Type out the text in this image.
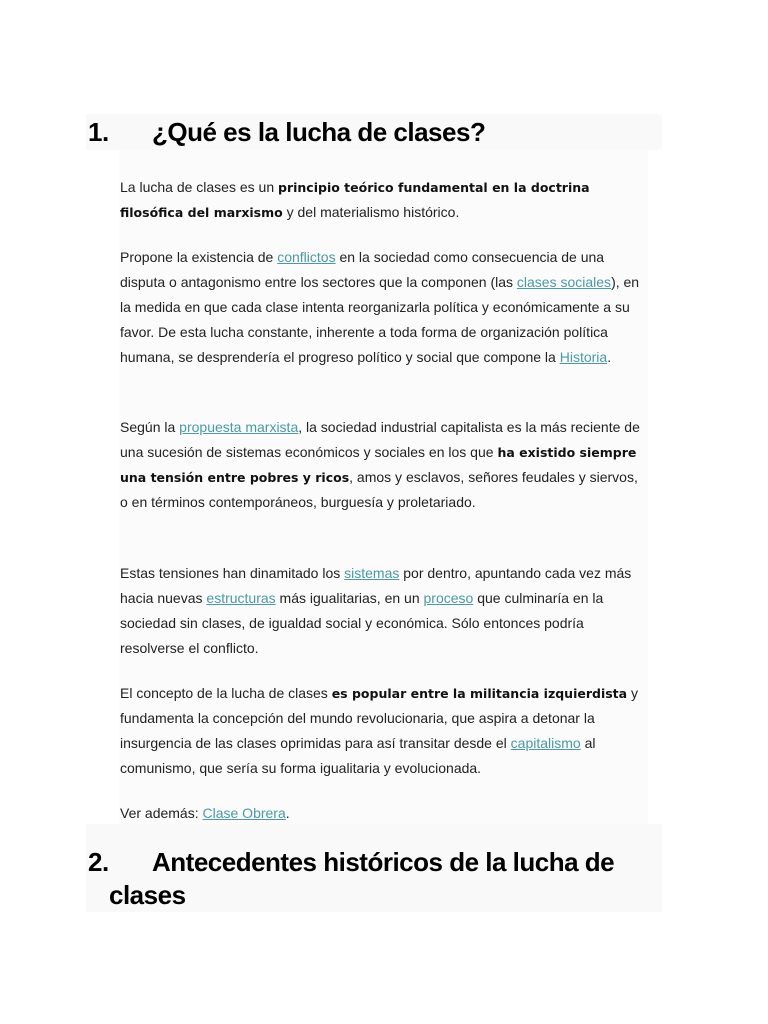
1. ¿Qué es la lucha de clases?

La lucha de clases es un principio teórico fundamental en la doctrina filosófica del marxismo y del materialismo histórico.

Propone la existencia de conflictos en la sociedad como consecuencia de una disputa o antagonismo entre los sectores que la componen (las clases sociales), en la medida en que cada clase intenta reorganizarla política y económicamente a su favor. De esta lucha constante, inherente a toda forma de organización política humana, se desprendería el progreso político y social que compone la Historia.

Según la propuesta marxista, la sociedad industrial capitalista es la más reciente de una sucesión de sistemas económicos y sociales en los que ha existido siempre una tensión entre pobres y ricos, amos y esclavos, señores feudales y siervos, o en términos contemporáneos, burguesía y proletariado.

Estas tensiones han dinamitado los sistemas por dentro, apuntando cada vez más hacia nuevas estructuras más igualitarias, en un proceso que culminaría en la sociedad sin clases, de igualdad social y económica. Sólo entonces podría resolverse el conflicto.

El concepto de la lucha de clases es popular entre la militancia izquierdista y fundamenta la concepción del mundo revolucionaria, que aspira a detonar la insurgencia de las clases oprimidas para así transitar desde el capitalismo al comunismo, que sería su forma igualitaria y evolucionada.

Ver además: Clase Obrera.

2. Antecedentes históricos de la lucha de
clases
